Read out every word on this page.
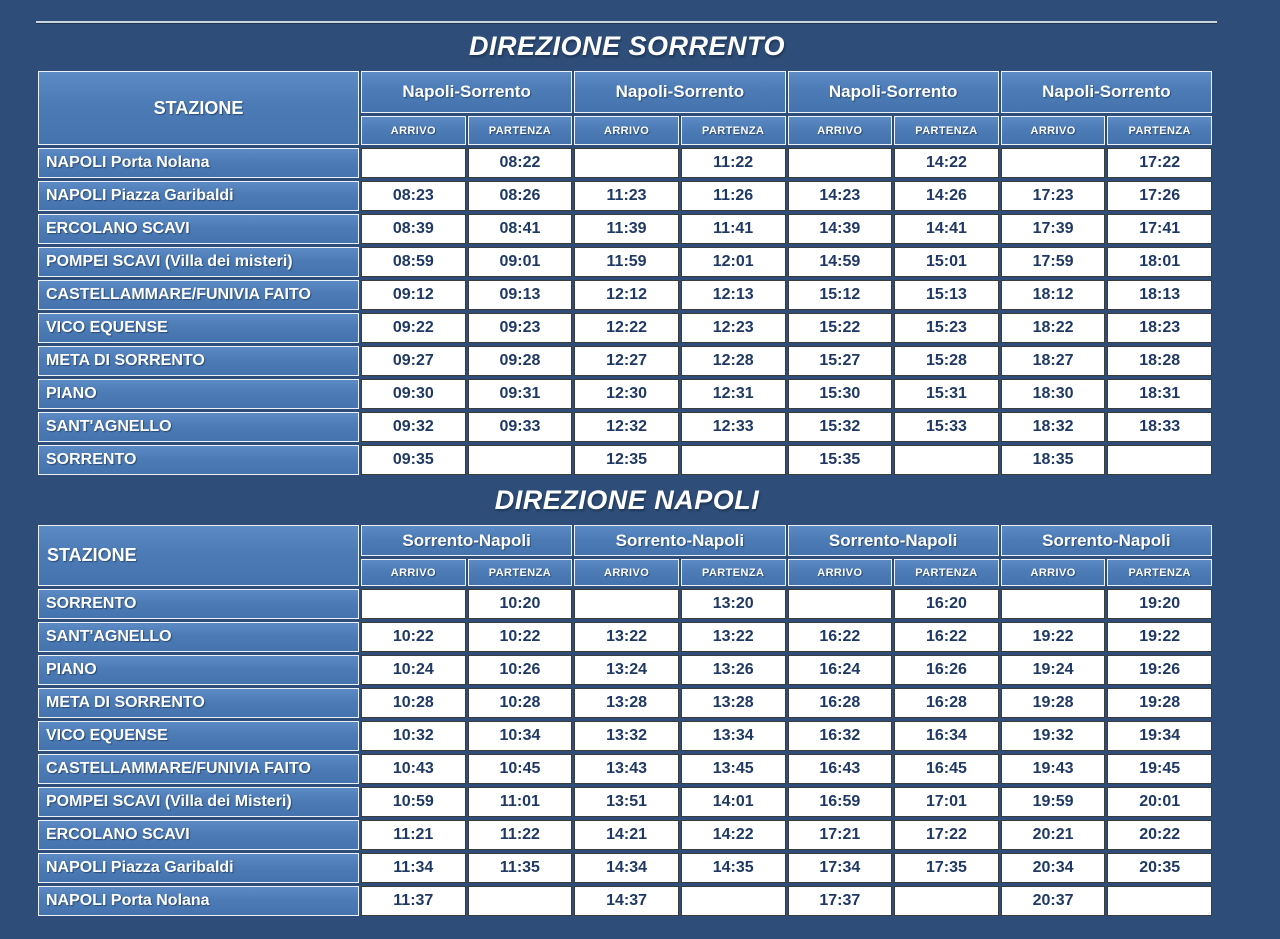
DIREZIONE SORRENTO
STAZIONE	Napoli-Sorrento		Napoli-Sorrento		Napoli-Sorrento		Napoli-Sorrento	
	ARRIVO	PARTENZA	ARRIVO	PARTENZA	ARRIVO	PARTENZA	ARRIVO	PARTENZA
NAPOLI Porta Nolana		08:22		11:22		14:22		17:22
NAPOLI Piazza Garibaldi	08:23	08:26	11:23	11:26	14:23	14:26	17:23	17:26
ERCOLANO SCAVI	08:39	08:41	11:39	11:41	14:39	14:41	17:39	17:41
POMPEI SCAVI (Villa dei misteri)	08:59	09:01	11:59	12:01	14:59	15:01	17:59	18:01
CASTELLAMMARE/FUNIVIA FAITO	09:12	09:13	12:12	12:13	15:12	15:13	18:12	18:13
VICO EQUENSE	09:22	09:23	12:22	12:23	15:22	15:23	18:22	18:23
META DI SORRENTO	09:27	09:28	12:27	12:28	15:27	15:28	18:27	18:28
PIANO	09:30	09:31	12:30	12:31	15:30	15:31	18:30	18:31
SANT'AGNELLO	09:32	09:33	12:32	12:33	15:32	15:33	18:32	18:33
SORRENTO	09:35		12:35		15:35		18:35	
DIREZIONE NAPOLI
STAZIONE	Sorrento-Napoli		Sorrento-Napoli		Sorrento-Napoli		Sorrento-Napoli	
	ARRIVO	PARTENZA	ARRIVO	PARTENZA	ARRIVO	PARTENZA	ARRIVO	PARTENZA
SORRENTO		10:20		13:20		16:20		19:20
SANT'AGNELLO	10:22	10:22	13:22	13:22	16:22	16:22	19:22	19:22
PIANO	10:24	10:26	13:24	13:26	16:24	16:26	19:24	19:26
META DI SORRENTO	10:28	10:28	13:28	13:28	16:28	16:28	19:28	19:28
VICO EQUENSE	10:32	10:34	13:32	13:34	16:32	16:34	19:32	19:34
CASTELLAMMARE/FUNIVIA FAITO	10:43	10:45	13:43	13:45	16:43	16:45	19:43	19:45
POMPEI SCAVI (Villa dei Misteri)	10:59	11:01	13:51	14:01	16:59	17:01	19:59	20:01
ERCOLANO SCAVI	11:21	11:22	14:21	14:22	17:21	17:22	20:21	20:22
NAPOLI Piazza Garibaldi	11:34	11:35	14:34	14:35	17:34	17:35	20:34	20:35
NAPOLI Porta Nolana	11:37		14:37		17:37		20:37	
